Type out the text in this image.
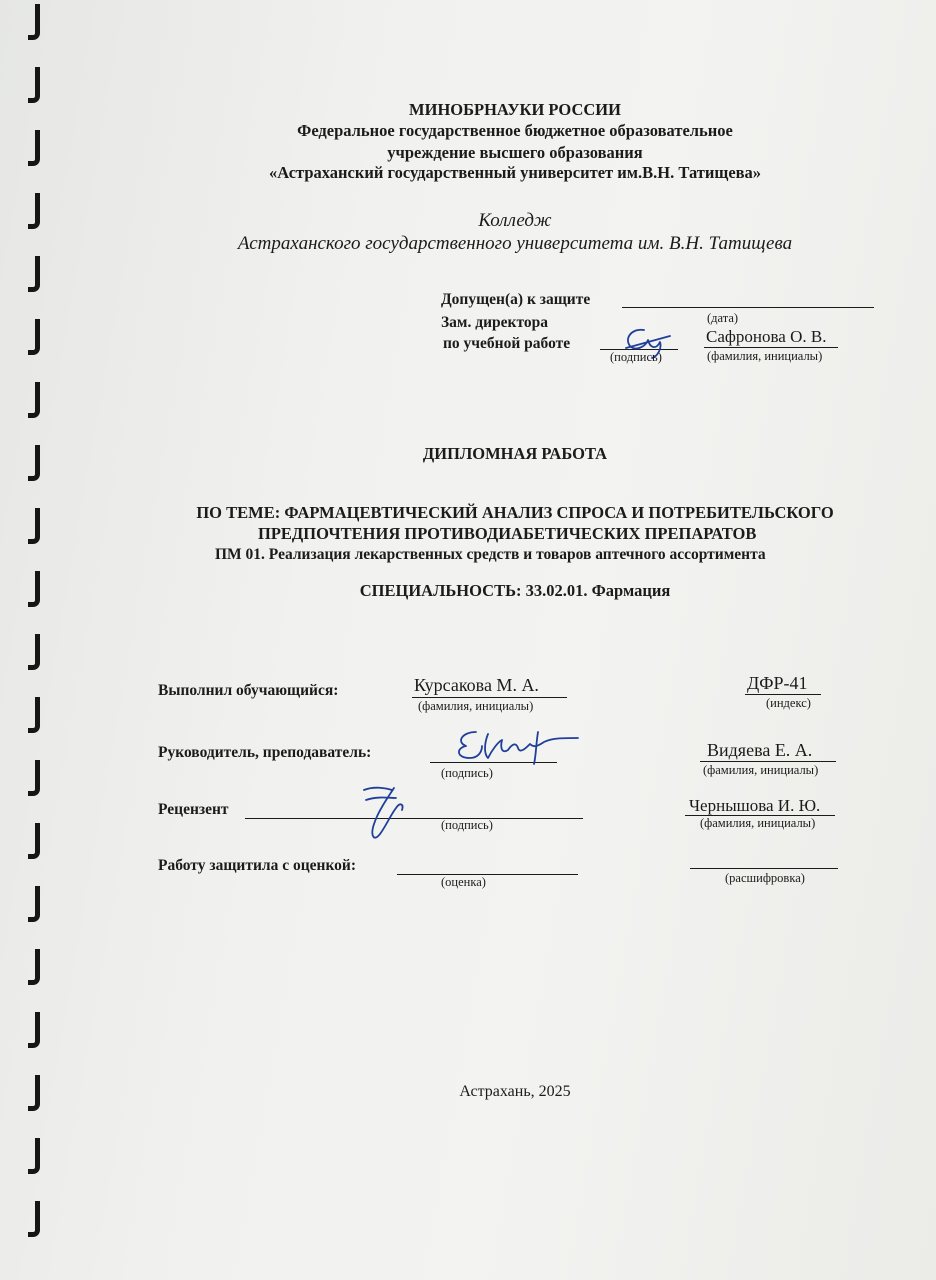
МИНОБРНАУКИ РОССИИ
Федеральное государственное бюджетное образовательное
учреждение высшего образования
«Астраханский государственный университет им.В.Н. Татищева»
Колледж
Астраханского государственного университета им. В.Н. Татищева
Допущен(а) к защите
(дата)
Зам. директора
по учебной работе
(подпись)
Сафронова О. В.
(фамилия, инициалы)
ДИПЛОМНАЯ РАБОТА
ПО ТЕМЕ: ФАРМАЦЕВТИЧЕСКИЙ АНАЛИЗ СПРОСА И ПОТРЕБИТЕЛЬСКОГО
ПРЕДПОЧТЕНИЯ ПРОТИВОДИАБЕТИЧЕСКИХ ПРЕПАРАТОВ
ПМ 01. Реализация лекарственных средств и товаров аптечного ассортимента
СПЕЦИАЛЬНОСТЬ: 33.02.01. Фармация
Выполнил обучающийся:	Курсакова М. А.
(фамилия, инициалы)
ДФР-41
(индекс)
Руководитель, преподаватель:
(подпись)
Видяева Е. А.
(фамилия, инициалы)
Рецензент
(подпись)
Чернышова И. Ю.
(фамилия, инициалы)
Работу защитила с оценкой:
(оценка)	(расшифровка)
Астрахань, 2025
